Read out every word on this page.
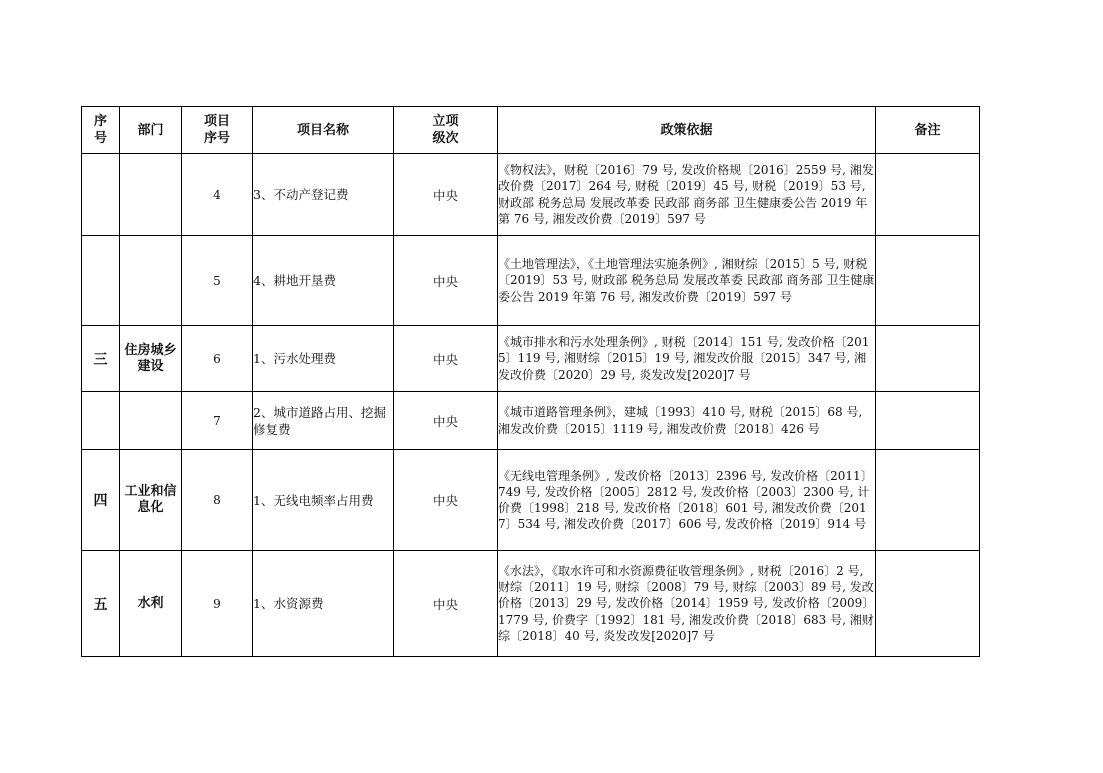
序号	部门	项目序号	项目名称	立项级次	政策依据	备注
		4	3、不动产登记费	中央	《物权法》，财税〔2016〕79 号, 发改价格规〔2016〕2559 号, 湘发改价费〔2017〕264 号, 财税〔2019〕45 号, 财税〔2019〕53 号, 财政部 税务总局 发展改革委 民政部 商务部 卫生健康委公告 2019 年第 76 号, 湘发改价费〔2019〕597 号	
		5	4、耕地开垦费	中央	《土地管理法》，《土地管理法实施条例》, 湘财综〔2015〕5 号, 财税〔2019〕53 号, 财政部 税务总局 发展改革委 民政部 商务部 卫生健康委公告 2019 年第 76 号, 湘发改价费〔2019〕597 号	
三	住房城乡建设	6	1、污水处理费	中央	《城市排水和污水处理条例》, 财税〔2014〕151 号, 发改价格〔2015〕119 号, 湘财综〔2015〕19 号, 湘发改价服〔2015〕347 号, 湘发改价费〔2020〕29 号, 炎发改发[2020]7 号	
		7	2、城市道路占用、挖掘修复费	中央	《城市道路管理条例》，建城〔1993〕410 号, 财税〔2015〕68 号, 湘发改价费〔2015〕1119 号, 湘发改价费〔2018〕426 号	
四	工业和信息化	8	1、无线电频率占用费	中央	《无线电管理条例》, 发改价格〔2013〕2396 号, 发改价格〔2011〕749 号, 发改价格〔2005〕2812 号, 发改价格〔2003〕2300 号, 计价费〔1998〕218 号, 发改价格〔2018〕601 号, 湘发改价费〔2017〕534 号, 湘发改价费〔2017〕606 号, 发改价格〔2019〕914 号	
五	水利	9	1、水资源费	中央	《水法》，《取水许可和水资源费征收管理条例》, 财税〔2016〕2 号, 财综〔2011〕19 号, 财综〔2008〕79 号, 财综〔2003〕89 号, 发改价格〔2013〕29 号, 发改价格〔2014〕1959 号, 发改价格〔2009〕1779 号, 价费字〔1992〕181 号, 湘发改价费〔2018〕683 号, 湘财综〔2018〕40 号, 炎发改发[2020]7 号	
